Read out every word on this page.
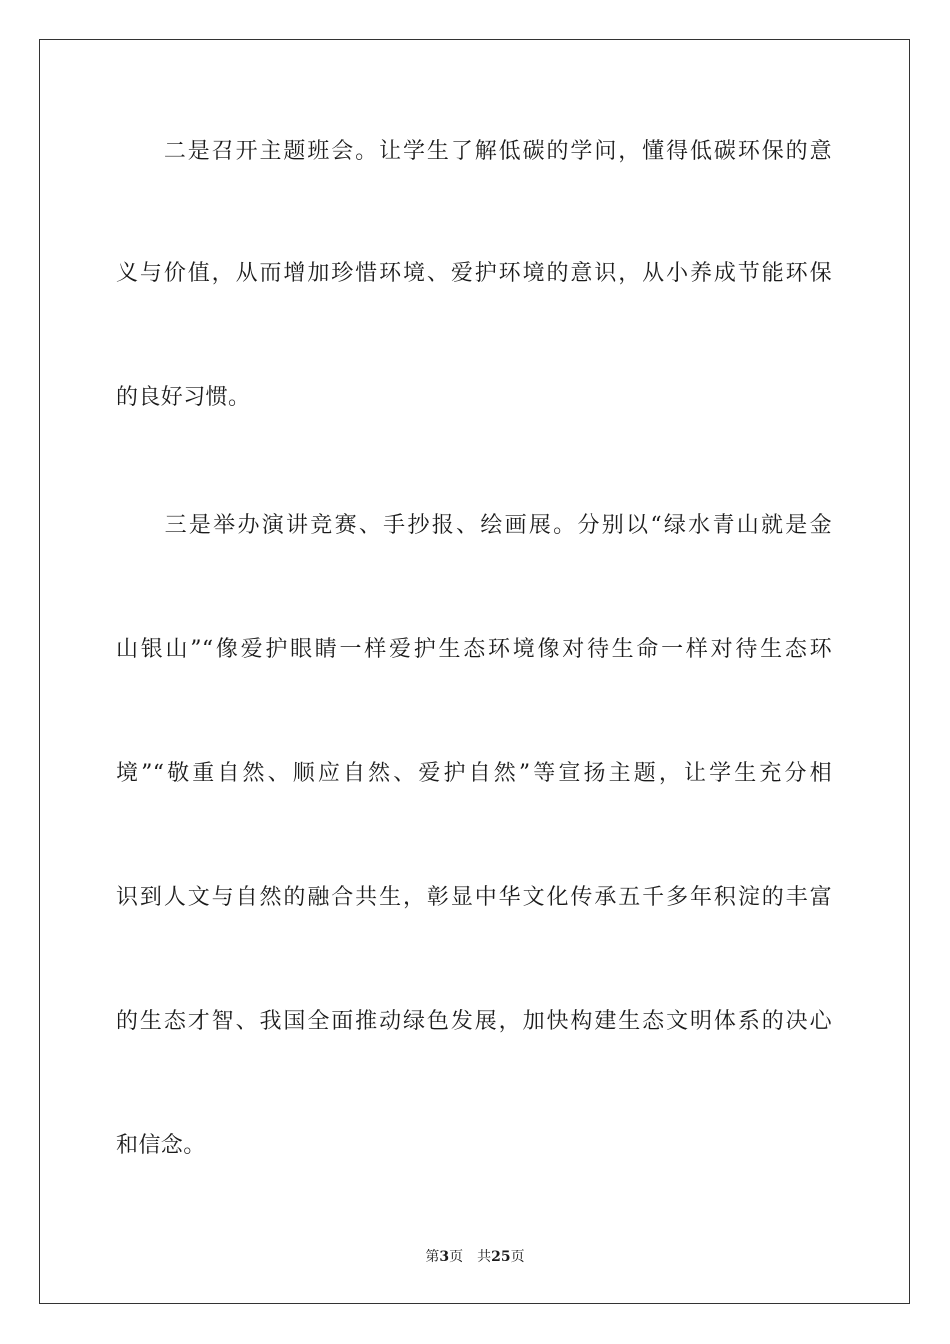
　　二是召开主题班会。让学生了解低碳的学问，懂得低碳环保的意
义与价值，从而增加珍惜环境、爱护环境的意识，从小养成节能环保
的良好习惯。
　　三是举办演讲竞赛、手抄报、绘画展。分别以“绿水青山就是金
山银山”“像爱护眼睛一样爱护生态环境像对待生命一样对待生态环
境”“敬重自然、顺应自然、爱护自然”等宣扬主题，让学生充分相
识到人文与自然的融合共生，彰显中华文化传承五千多年积淀的丰富
的生态才智、我国全面推动绿色发展，加快构建生态文明体系的决心
和信念。
第3页 共25页
